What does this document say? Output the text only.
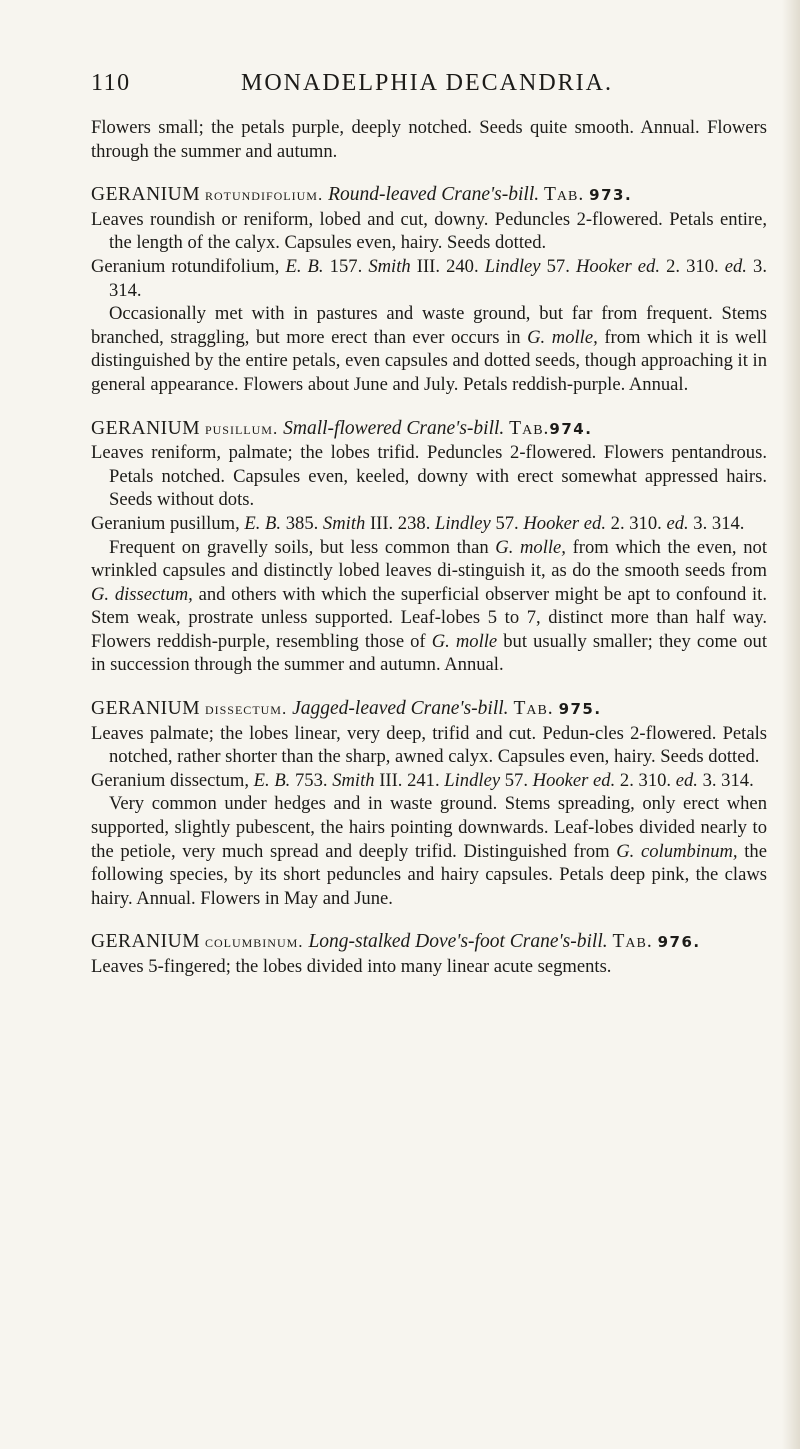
110	MONADELPHIA DECANDRIA.

Flowers small; the petals purple, deeply notched. Seeds quite smooth. Annual. Flowers through the summer and autumn.

GERANIUM rotundifolium. Round-leaved Crane's-bill. Tab. 973.

Leaves roundish or reniform, lobed and cut, downy. Peduncles 2-flowered. Petals entire, the length of the calyx. Capsules even, hairy. Seeds dotted.

Geranium rotundifolium, E. B. 157. Smith III. 240. Lindley 57. Hooker ed. 2. 310. ed. 3. 314.

Occasionally met with in pastures and waste ground, but far from frequent. Stems branched, straggling, but more erect than ever occurs in G. molle, from which it is well distinguished by the entire petals, even capsules and dotted seeds, though approaching it in general appearance. Flowers about June and July. Petals reddish-purple. Annual.

GERANIUM pusillum. Small-flowered Crane's-bill. Tab.974.

Leaves reniform, palmate; the lobes trifid. Peduncles 2-flowered. Flowers pentandrous. Petals notched. Capsules even, keeled, downy with erect somewhat appressed hairs. Seeds without dots.

Geranium pusillum, E. B. 385. Smith III. 238. Lindley 57. Hooker ed. 2. 310. ed. 3. 314.

Frequent on gravelly soils, but less common than G. molle, from which the even, not wrinkled capsules and distinctly lobed leaves di-stinguish it, as do the smooth seeds from G. dissectum, and others with which the superficial observer might be apt to confound it. Stem weak, prostrate unless supported. Leaf-lobes 5 to 7, distinct more than half way. Flowers reddish-purple, resembling those of G. molle but usually smaller; they come out in succession through the summer and autumn. Annual.

GERANIUM dissectum. Jagged-leaved Crane's-bill. Tab. 975.

Leaves palmate; the lobes linear, very deep, trifid and cut. Pedun-cles 2-flowered. Petals notched, rather shorter than the sharp, awned calyx. Capsules even, hairy. Seeds dotted.

Geranium dissectum, E. B. 753. Smith III. 241. Lindley 57. Hooker ed. 2. 310. ed. 3. 314.

Very common under hedges and in waste ground. Stems spreading, only erect when supported, slightly pubescent, the hairs pointing downwards. Leaf-lobes divided nearly to the petiole, very much spread and deeply trifid. Distinguished from G. columbinum, the following species, by its short peduncles and hairy capsules. Petals deep pink, the claws hairy. Annual. Flowers in May and June.

GERANIUM columbinum. Long-stalked Dove's-foot Crane's-bill. Tab. 976.

Leaves 5-fingered; the lobes divided into many linear acute segments.
